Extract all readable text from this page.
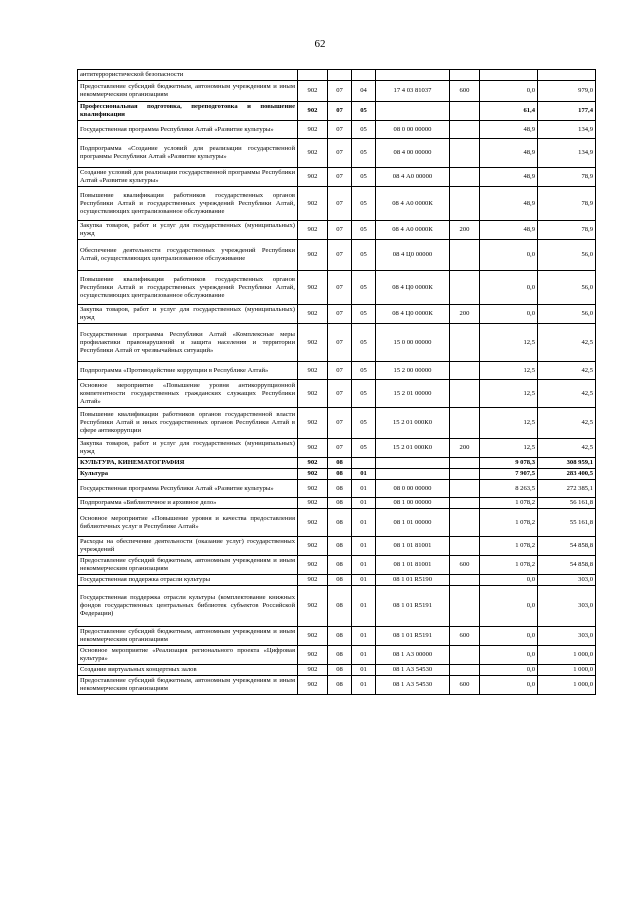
62
антитеррористической безопасности							
Предоставление субсидий бюджетным, автономным учреждениям и иным некоммерческим организациям	902	07	04	17 4 03 81037	600	0,0	979,0
Профессиональная подготовка, переподготовка и повышение квалификации	902	07	05			61,4	177,4
Государственная программа Республики Алтай «Развитие культуры»	902	07	05	08 0 00 00000		48,9	134,9
Подпрограмма «Создание условий для реализации государственной программы Республики Алтай «Развитие культуры»	902	07	05	08 4 00 00000		48,9	134,9
Создание условий для реализации государственной программы Республики Алтай «Развитие культуры»	902	07	05	08 4 А0 00000		48,9	78,9
Повышение квалификации работников государственных органов Республики Алтай и государственных учреждений Республики Алтай, осуществляющих централизованное обслуживание	902	07	05	08 4 А0 0000К		48,9	78,9
Закупка товаров, работ и услуг для государственных (муниципальных) нужд	902	07	05	08 4 А0 0000К	200	48,9	78,9
Обеспечение деятельности государственных учреждений Республики Алтай, осуществляющих централизованное обслуживание	902	07	05	08 4 Ц0 00000		0,0	56,0
Повышение квалификации работников государственных органов Республики Алтай и государственных учреждений Республики Алтай, осуществляющих централизованное обслуживание	902	07	05	08 4 Ц0 0000К		0,0	56,0
Закупка товаров, работ и услуг для государственных (муниципальных) нужд	902	07	05	08 4 Ц0 0000К	200	0,0	56,0
Государственная программа Республики Алтай «Комплексные меры профилактики правонарушений и защита населения и территории Республики Алтай от чрезвычайных ситуаций»	902	07	05	15 0 00 00000		12,5	42,5
Подпрограмма «Противодействие коррупции в Республике Алтай»	902	07	05	15 2 00 00000		12,5	42,5
Основное мероприятие «Повышение уровня антикоррупционной компетентности государственных гражданских служащих Республики Алтай»	902	07	05	15 2 01 00000		12,5	42,5
Повышение квалификации работников органов государственной власти Республики Алтай и иных государственных органов Республики Алтай в сфере антикоррупции	902	07	05	15 2 01 000К0		12,5	42,5
Закупка товаров, работ и услуг для государственных (муниципальных) нужд	902	07	05	15 2 01 000К0	200	12,5	42,5
КУЛЬТУРА, КИНЕМАТОГРАФИЯ	902	08				9 078,3	308 959,1
Культура	902	08	01			7 907,5	283 400,5
Государственная программа Республики Алтай «Развитие культуры»	902	08	01	08 0 00 00000		8 263,5	272 385,1
Подпрограмма «Библиотечное и архивное дело»	902	08	01	08 1 00 00000		1 078,2	56 161,8
Основное мероприятие «Повышение уровня и качества предоставления библиотечных услуг в Республике Алтай»	902	08	01	08 1 01 00000		1 078,2	55 161,8
Расходы на обеспечение деятельности (оказание услуг) государственных учреждений	902	08	01	08 1 01 81001		1 078,2	54 858,8
Предоставление субсидий бюджетным, автономным учреждениям и иным некоммерческим организациям	902	08	01	08 1 01 81001	600	1 078,2	54 858,8
Государственная поддержка отрасли культуры	902	08	01	08 1 01 R5190		0,0	303,0
Государственная поддержка отрасли культуры (комплектование книжных фондов государственных центральных библиотек субъектов Российской Федерации)	902	08	01	08 1 01 R5191		0,0	303,0
Предоставление субсидий бюджетным, автономным учреждениям и иным некоммерческим организациям	902	08	01	08 1 01 R5191	600	0,0	303,0
Основное мероприятие «Реализация регионального проекта «Цифровая культура»	902	08	01	08 1 А3 00000		0,0	1 000,0
Создание виртуальных концертных залов	902	08	01	08 1 А3 54530		0,0	1 000,0
Предоставление субсидий бюджетным, автономным учреждениям и иным некоммерческим организациям	902	08	01	08 1 А3 54530	600	0,0	1 000,0
